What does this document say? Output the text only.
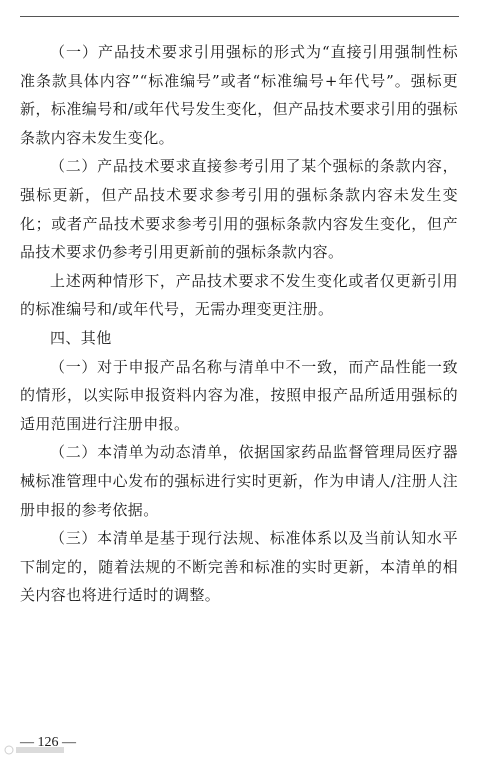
（一）产品技术要求引用强标的形式为“直接引用强制性标准条款具体内容”“标准编号”或者“标准编号+年代号”。强标更新，标准编号和/或年代号发生变化，但产品技术要求引用的强标条款内容未发生变化。

（二）产品技术要求直接参考引用了某个强标的条款内容，强标更新，但产品技术要求参考引用的强标条款内容未发生变化；或者产品技术要求参考引用的强标条款内容发生变化，但产品技术要求仍参考引用更新前的强标条款内容。

上述两种情形下，产品技术要求不发生变化或者仅更新引用的标准编号和/或年代号，无需办理变更注册。

四、其他

（一）对于申报产品名称与清单中不一致，而产品性能一致的情形，以实际申报资料内容为准，按照申报产品所适用强标的适用范围进行注册申报。

（二）本清单为动态清单，依据国家药品监督管理局医疗器械标准管理中心发布的强标进行实时更新，作为申请人/注册人注册申报的参考依据。

（三）本清单是基于现行法规、标准体系以及当前认知水平下制定的，随着法规的不断完善和标准的实时更新，本清单的相关内容也将进行适时的调整。

— 126 —
